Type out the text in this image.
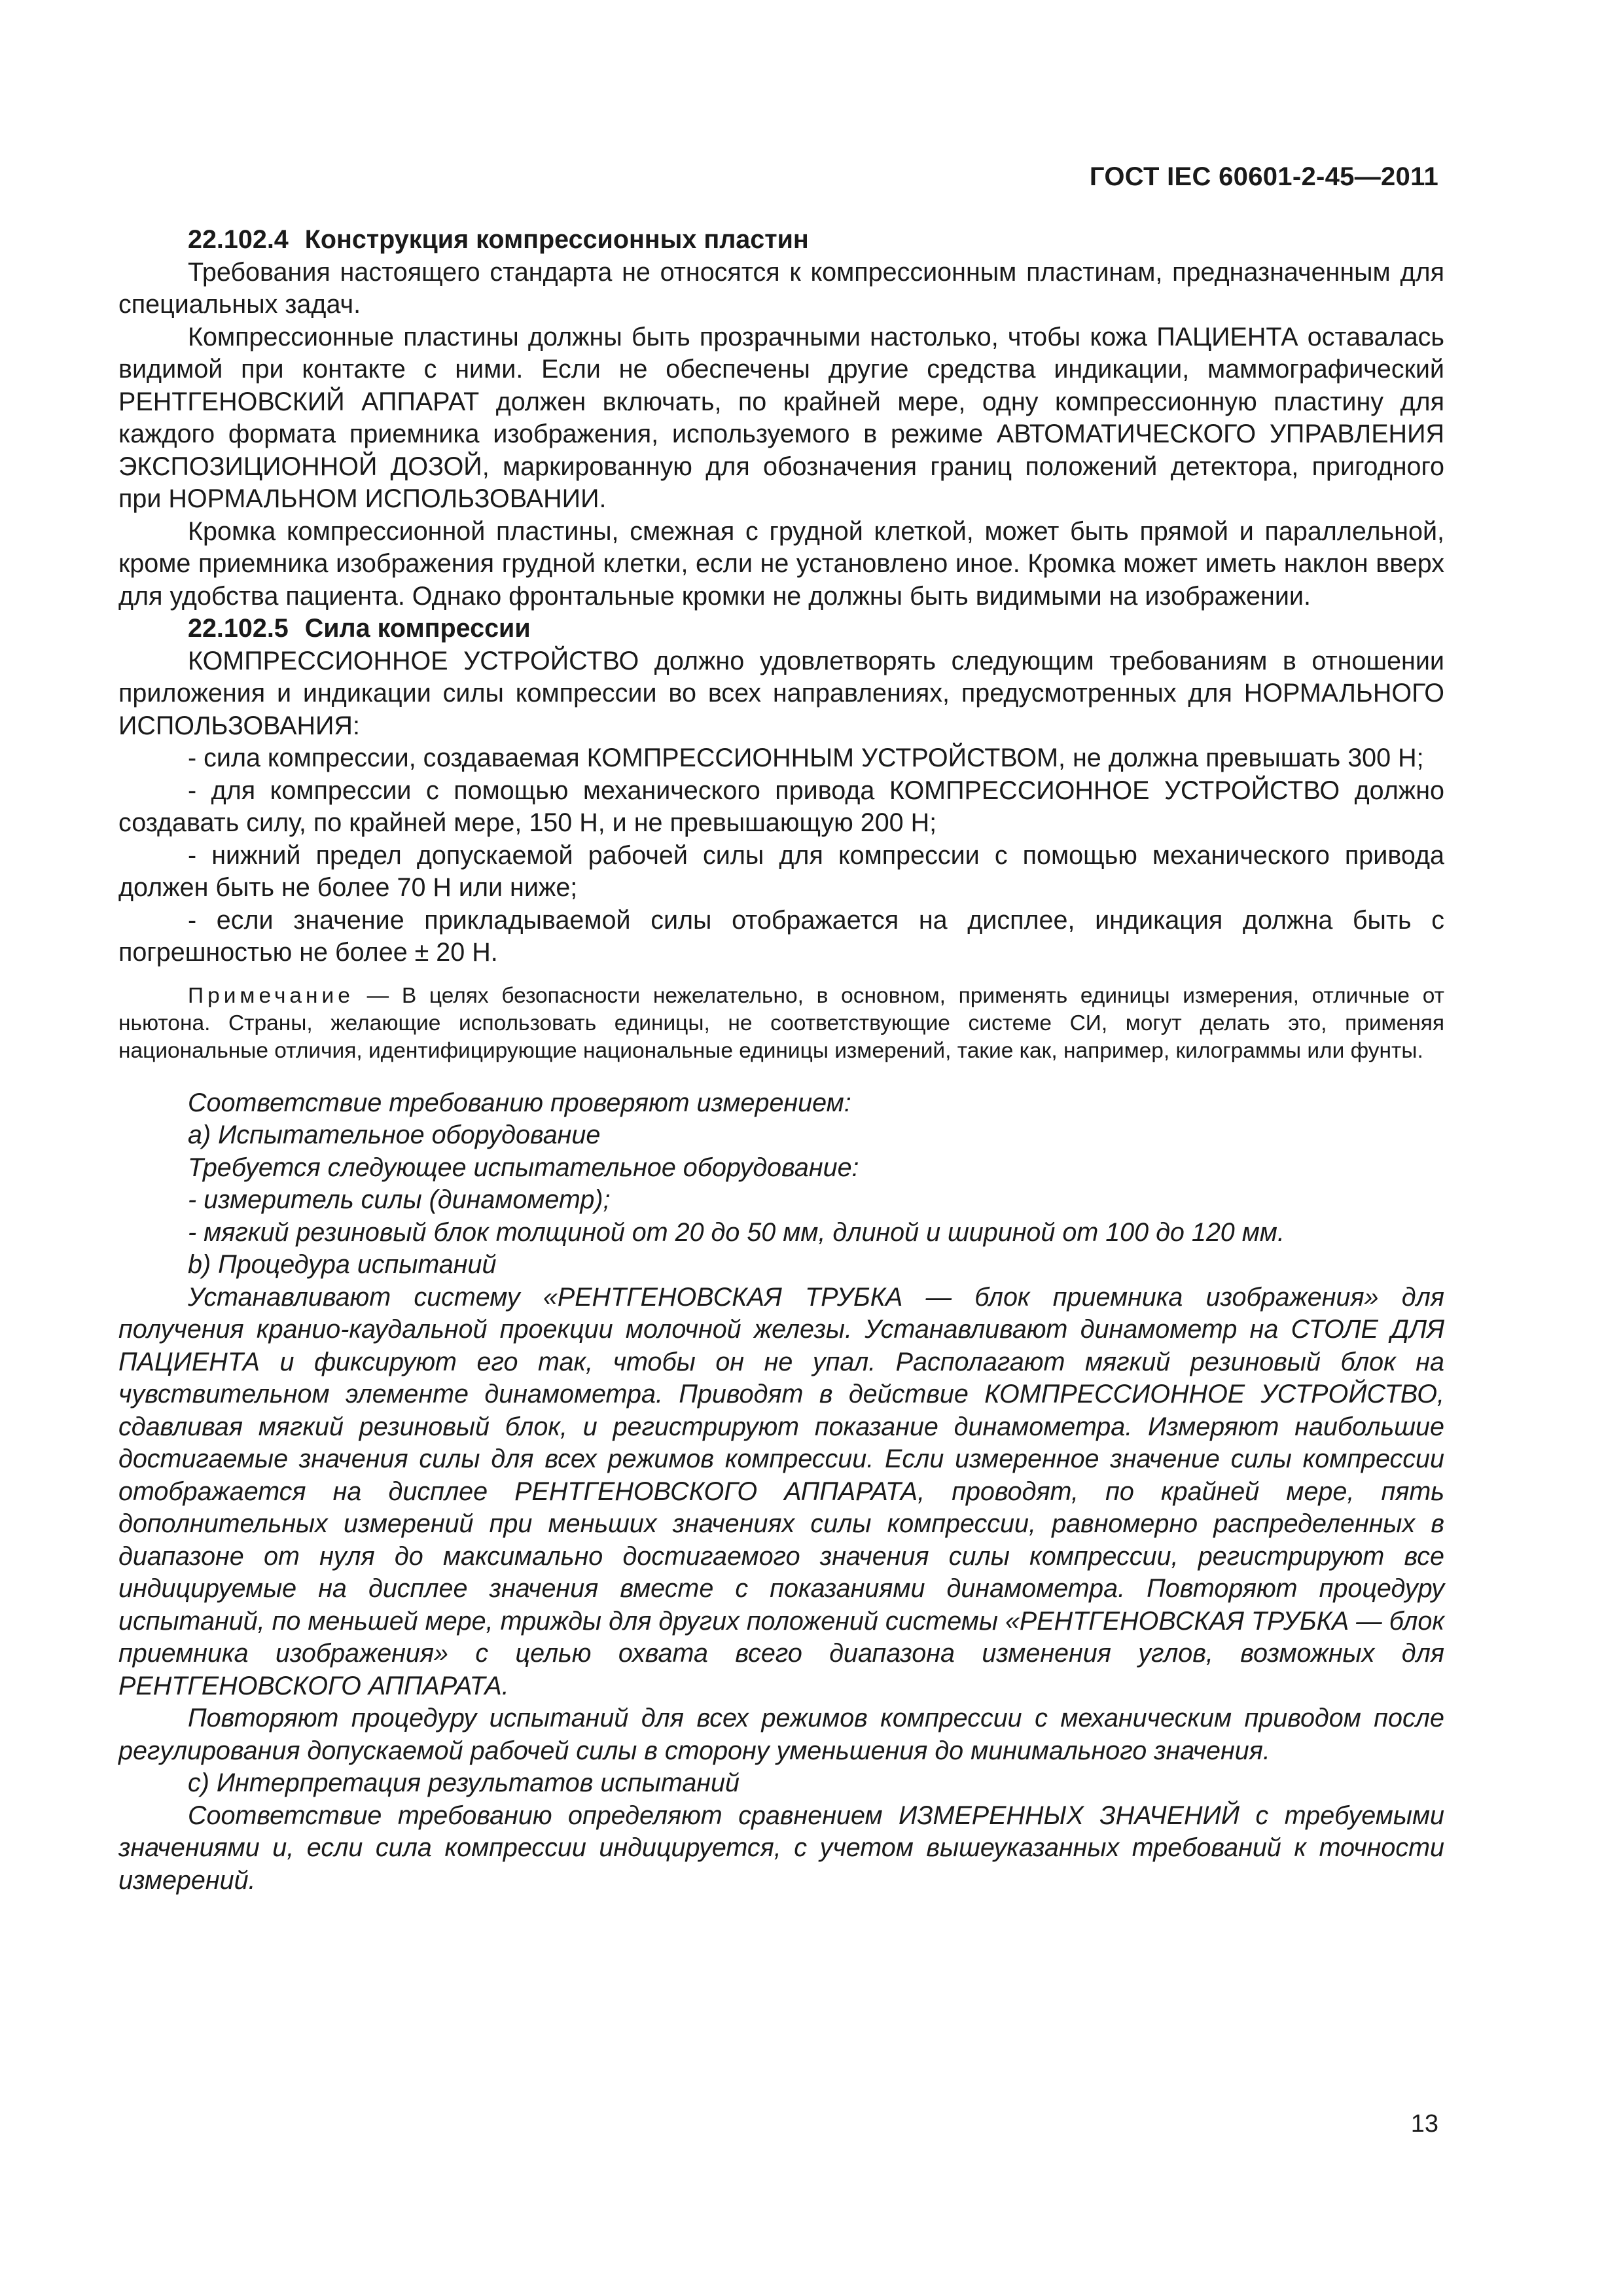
ГОСТ IEC 60601-2-45—2011

22.102.4 Конструкция компрессионных пластин

Требования настоящего стандарта не относятся к компрессионным пластинам, предназначенным для специальных задач.

Компрессионные пластины должны быть прозрачными настолько, чтобы кожа ПАЦИЕНТА оставалась видимой при контакте с ними. Если не обеспечены другие средства индикации, маммографический РЕНТГЕНОВСКИЙ АППАРАТ должен включать, по крайней мере, одну компрессионную пластину для каждого формата приемника изображения, используемого в режиме АВТОМАТИЧЕСКОГО УПРАВЛЕНИЯ ЭКСПОЗИЦИОННОЙ ДОЗОЙ, маркированную для обозначения границ положений детектора, пригодного при НОРМАЛЬНОМ ИСПОЛЬЗОВАНИИ.

Кромка компрессионной пластины, смежная с грудной клеткой, может быть прямой и параллельной, кроме приемника изображения грудной клетки, если не установлено иное. Кромка может иметь наклон вверх для удобства пациента. Однако фронтальные кромки не должны быть видимыми на изображении.

22.102.5 Сила компрессии

КОМПРЕССИОННОЕ УСТРОЙСТВО должно удовлетворять следующим требованиям в отношении приложения и индикации силы компрессии во всех направлениях, предусмотренных для НОРМАЛЬНОГО ИСПОЛЬЗОВАНИЯ:

- сила компрессии, создаваемая КОМПРЕССИОННЫМ УСТРОЙСТВОМ, не должна превышать 300 Н;

- для компрессии с помощью механического привода КОМПРЕССИОННОЕ УСТРОЙСТВО должно создавать силу, по крайней мере, 150 Н, и не превышающую 200 Н;

- нижний предел допускаемой рабочей силы для компрессии с помощью механического привода должен быть не более 70 Н или ниже;

- если значение прикладываемой силы отображается на дисплее, индикация должна быть с погрешностью не более ± 20 Н.

Примечание — В целях безопасности нежелательно, в основном, применять единицы измерения, отличные от ньютона. Страны, желающие использовать единицы, не соответствующие системе СИ, могут делать это, применяя национальные отличия, идентифицирующие национальные единицы измерений, такие как, например, килограммы или фунты.

Соответствие требованию проверяют измерением:

a) Испытательное оборудование

Требуется следующее испытательное оборудование:

- измеритель силы (динамометр);

- мягкий резиновый блок толщиной от 20 до 50 мм, длиной и шириной от 100 до 120 мм.

b) Процедура испытаний

Устанавливают систему «РЕНТГЕНОВСКАЯ ТРУБКА — блок приемника изображения» для получения кранио-каудальной проекции молочной железы. Устанавливают динамометр на СТОЛЕ ДЛЯ ПАЦИЕНТА и фиксируют его так, чтобы он не упал. Располагают мягкий резиновый блок на чувствительном элементе динамометра. Приводят в действие КОМПРЕССИОННОЕ УСТРОЙСТВО, сдавливая мягкий резиновый блок, и регистрируют показание динамометра. Измеряют наибольшие достигаемые значения силы для всех режимов компрессии. Если измеренное значение силы компрессии отображается на дисплее РЕНТГЕНОВСКОГО АППАРАТА, проводят, по крайней мере, пять дополнительных измерений при меньших значениях силы компрессии, равномерно распределенных в диапазоне от нуля до максимально достигаемого значения силы компрессии, регистрируют все индицируемые на дисплее значения вместе с показаниями динамометра. Повторяют процедуру испытаний, по меньшей мере, трижды для других положений системы «РЕНТГЕНОВСКАЯ ТРУБКА — блок приемника изображения» с целью охвата всего диапазона изменения углов, возможных для РЕНТГЕНОВСКОГО АППАРАТА.

Повторяют процедуру испытаний для всех режимов компрессии с механическим приводом после регулирования допускаемой рабочей силы в сторону уменьшения до минимального значения.

c) Интерпретация результатов испытаний

Соответствие требованию определяют сравнением ИЗМЕРЕННЫХ ЗНАЧЕНИЙ с требуемыми значениями и, если сила компрессии индицируется, с учетом вышеуказанных требований к точности измерений.

13
